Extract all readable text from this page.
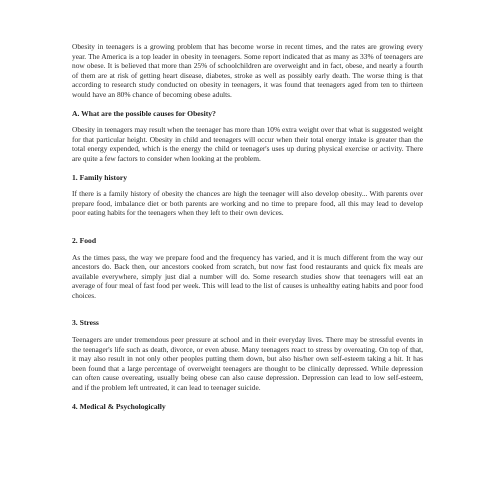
Obesity in teenagers is a growing problem that has become worse in recent times, and the rates are growing every year. The America is a top leader in obesity in teenagers. Some report indicated that as many as 33% of teenagers are now obese. It is believed that more than 25% of schoolchildren are overweight and in fact, obese, and nearly a fourth of them are at risk of getting heart disease, diabetes, stroke as well as possibly early death. The worse thing is that according to research study conducted on obesity in teenagers, it was found that teenagers aged from ten to thirteen would have an 80% chance of becoming obese adults.

A. What are the possible causes for Obesity?

Obesity in teenagers may result when the teenager has more than 10% extra weight over that what is suggested weight for that particular height. Obesity in child and teenagers will occur when their total energy intake is greater than the total energy expended, which is the energy the child or teenager's uses up during physical exercise or activity. There are quite a few factors to consider when looking at the problem.

1. Family history

If there is a family history of obesity the chances are high the teenager will also develop obesity... With parents over prepare food, imbalance diet or both parents are working and no time to prepare food, all this may lead to develop poor eating habits for the teenagers when they left to their own devices.

2. Food

As the times pass, the way we prepare food and the frequency has varied, and it is much different from the way our ancestors do. Back then, our ancestors cooked from scratch, but now fast food restaurants and quick fix meals are available everywhere, simply just dial a number will do. Some research studies show that teenagers will eat an average of four meal of fast food per week. This will lead to the list of causes is unhealthy eating habits and poor food choices.

3. Stress

Teenagers are under tremendous peer pressure at school and in their everyday lives. There may be stressful events in the teenager's life such as death, divorce, or even abuse. Many teenagers react to stress by overeating. On top of that, it may also result in not only other peoples putting them down, but also his/her own self-esteem taking a hit. It has been found that a large percentage of overweight teenagers are thought to be clinically depressed. While depression can often cause overeating, usually being obese can also cause depression. Depression can lead to low self-esteem, and if the problem left untreated, it can lead to teenager suicide.

4. Medical & Psychologically
